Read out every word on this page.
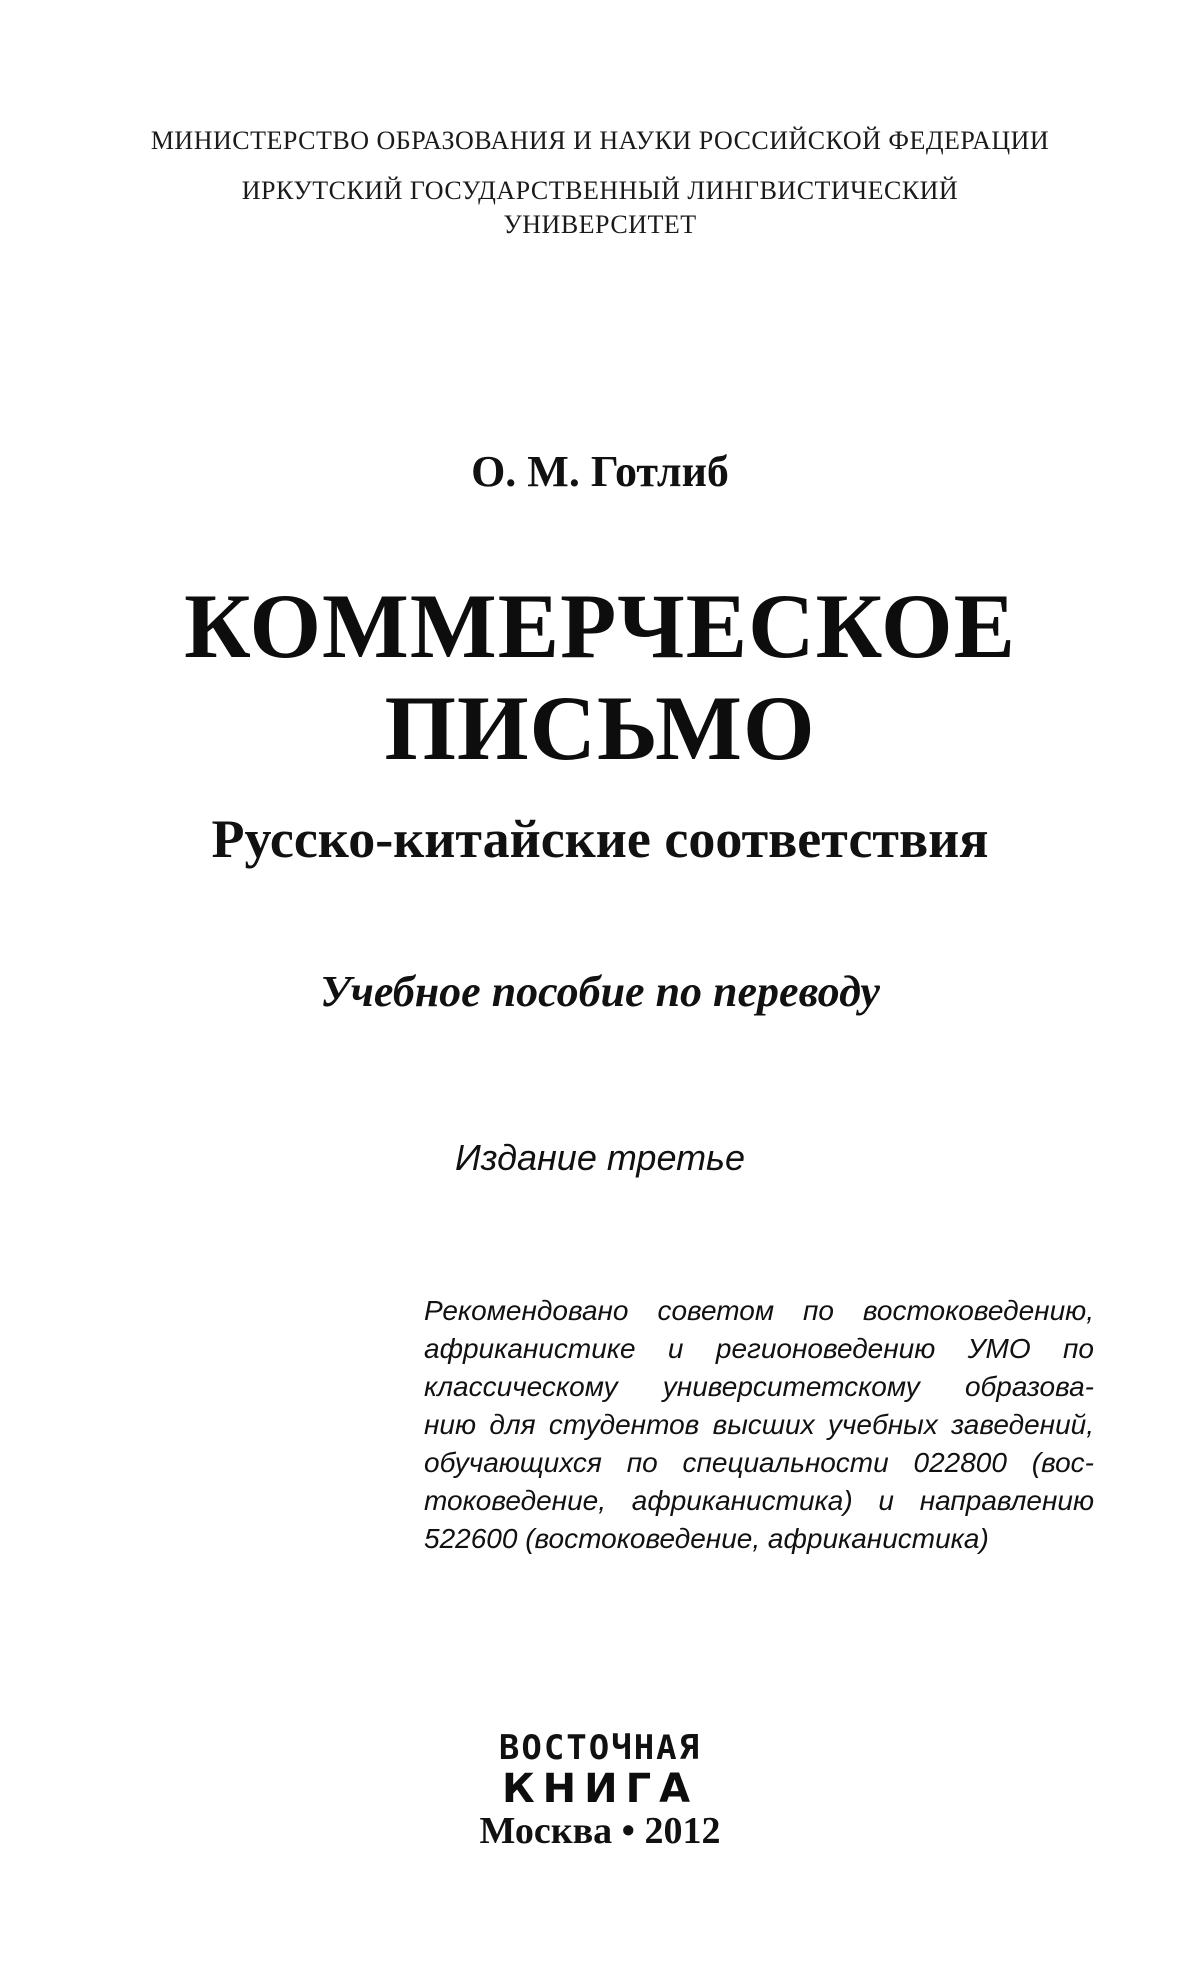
МИНИСТЕРСТВО ОБРАЗОВАНИЯ И НАУКИ РОССИЙСКОЙ ФЕДЕРАЦИИ
ИРКУТСКИЙ ГОСУДАРСТВЕННЫЙ ЛИНГВИСТИЧЕСКИЙ
УНИВЕРСИТЕТ
О. М. Готлиб
КОММЕРЧЕСКОЕ
ПИСЬМО
Русско-китайские соответствия
Учебное пособие по переводу
Издание третье
Рекомендовано советом по востоковедению,
африканистике и регионоведению УМО по
классическому университетскому образова-
нию для студентов высших учебных заведений,
обучающихся по специальности 022800 (вос-
токоведение, африканистика) и направлению
522600 (востоковедение, африканистика)
ВОСТОЧНАЯ
КНИГА
Москва • 2012
